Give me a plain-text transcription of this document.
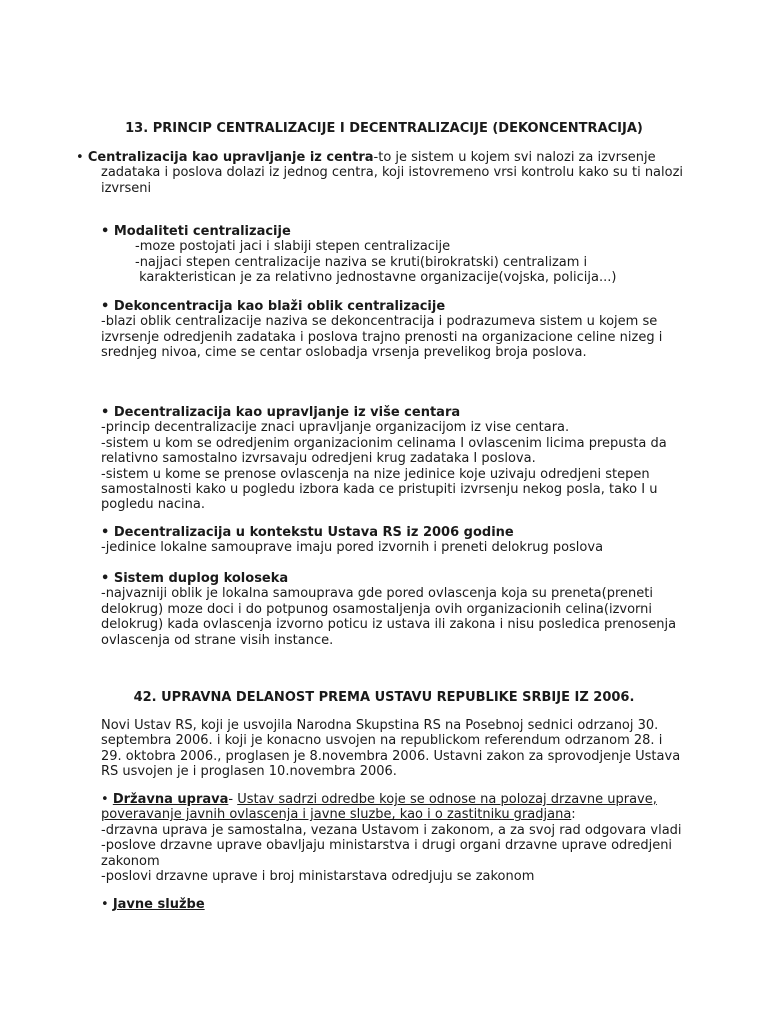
13. PRINCIP CENTRALIZACIJE I DECENTRALIZACIJE (DEKONCENTRACIJA)
• Centralizacija kao upravljanje iz centra-to je sistem u kojem svi nalozi za izvrsenje
zadataka i poslova dolazi iz jednog centra, koji istovremeno vrsi kontrolu kako su ti nalozi
izvrseni
• Modaliteti centralizacije
-moze postojati jaci i slabiji stepen centralizacije
-najjaci stepen centralizacije naziva se kruti(birokratski) centralizam i
karakteristican je za relativno jednostavne organizacije(vojska, policija...)
• Dekoncentracija kao blaži oblik centralizacije
-blazi oblik centralizacije naziva se dekoncentracija i podrazumeva sistem u kojem se
izvrsenje odredjenih zadataka i poslova trajno prenosti na organizacione celine nizeg i
srednjeg nivoa, cime se centar oslobadja vrsenja prevelikog broja poslova.
• Decentralizacija kao upravljanje iz više centara
-princip decentralizacije znaci upravljanje organizacijom iz vise centara.
-sistem u kom se odredjenim organizacionim celinama I ovlascenim licima prepusta da
relativno samostalno izvrsavaju odredjeni krug zadataka I poslova.
-sistem u kome se prenose ovlascenja na nize jedinice koje uzivaju odredjeni stepen
samostalnosti kako u pogledu izbora kada ce pristupiti izvrsenju nekog posla, tako I u
pogledu nacina.
• Decentralizacija u kontekstu Ustava RS iz 2006 godine
-jedinice lokalne samouprave imaju pored izvornih i preneti delokrug poslova
• Sistem duplog koloseka
-najvazniji oblik je lokalna samouprava gde pored ovlascenja koja su preneta(preneti
delokrug) moze doci i do potpunog osamostaljenja ovih organizacionih celina(izvorni
delokrug) kada ovlascenja izvorno poticu iz ustava ili zakona i nisu posledica prenosenja
ovlascenja od strane visih instance.
42. UPRAVNA DELANOST PREMA USTAVU REPUBLIKE SRBIJE IZ 2006.
Novi Ustav RS, koji je usvojila Narodna Skupstina RS na Posebnoj sednici odrzanoj 30.
septembra 2006. i koji je konacno usvojen na republickom referendum odrzanom 28. i
29. oktobra 2006., proglasen je 8.novembra 2006. Ustavni zakon za sprovodjenje Ustava
RS usvojen je i proglasen 10.novembra 2006.
• Državna uprava- Ustav sadrzi odredbe koje se odnose na polozaj drzavne uprave,
poveravanje javnih ovlascenja i javne sluzbe, kao i o zastitniku gradjana:
-drzavna uprava je samostalna, vezana Ustavom i zakonom, a za svoj rad odgovara vladi
-poslove drzavne uprave obavljaju ministarstva i drugi organi drzavne uprave odredjeni
zakonom
-poslovi drzavne uprave i broj ministarstava odredjuju se zakonom
• Javne službe
